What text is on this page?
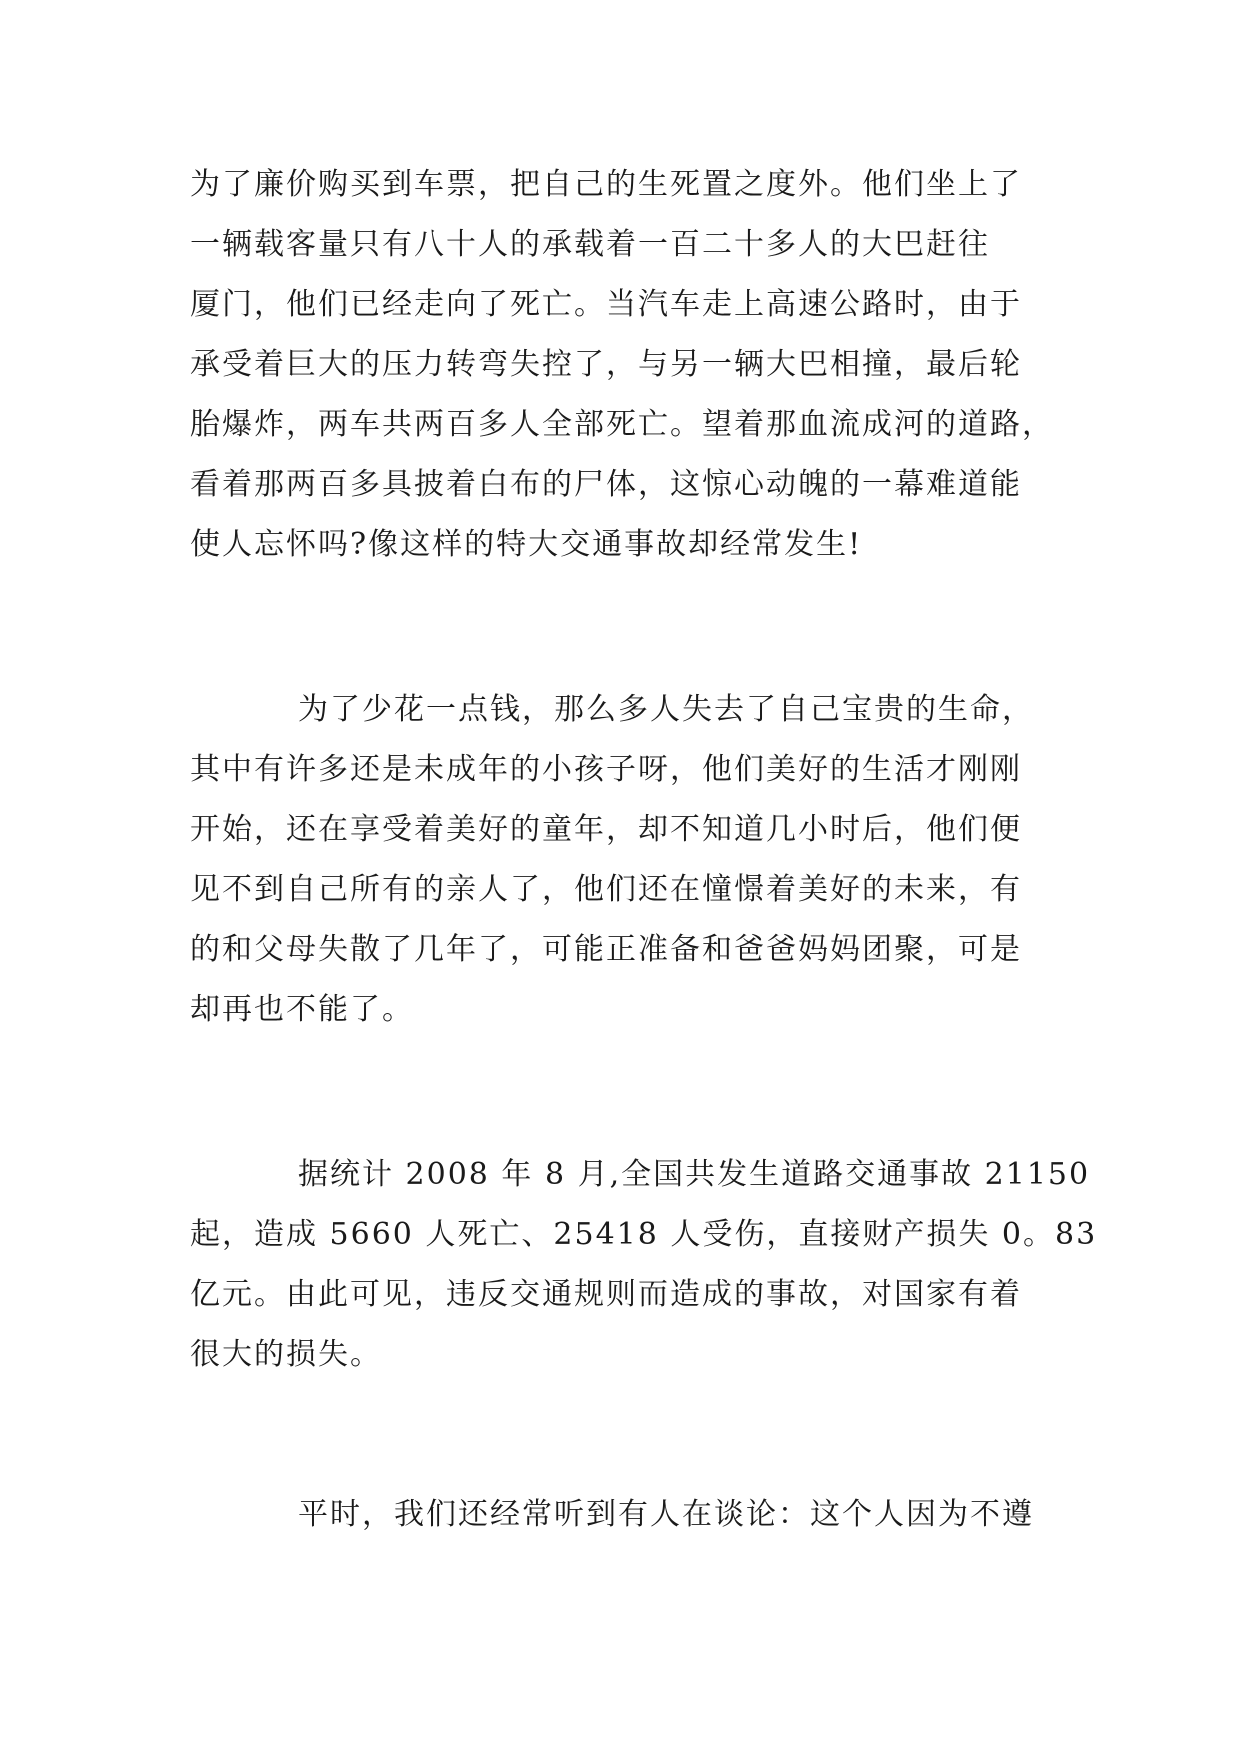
为了廉价购买到车票，把自己的生死置之度外。他们坐上了
一辆载客量只有八十人的承载着一百二十多人的大巴赶往
厦门，他们已经走向了死亡。当汽车走上高速公路时，由于
承受着巨大的压力转弯失控了，与另一辆大巴相撞，最后轮
胎爆炸，两车共两百多人全部死亡。望着那血流成河的道路，
看着那两百多具披着白布的尸体，这惊心动魄的一幕难道能
使人忘怀吗?像这样的特大交通事故却经常发生!
为了少花一点钱，那么多人失去了自己宝贵的生命，
其中有许多还是未成年的小孩子呀，他们美好的生活才刚刚
开始，还在享受着美好的童年，却不知道几小时后，他们便
见不到自己所有的亲人了，他们还在憧憬着美好的未来，有
的和父母失散了几年了，可能正准备和爸爸妈妈团聚，可是
却再也不能了。
据统计 2008 年 8 月,全国共发生道路交通事故 21150
起，造成 5660 人死亡、25418 人受伤，直接财产损失 0。83
亿元。由此可见，违反交通规则而造成的事故，对国家有着
很大的损失。
平时，我们还经常听到有人在谈论：这个人因为不遵
